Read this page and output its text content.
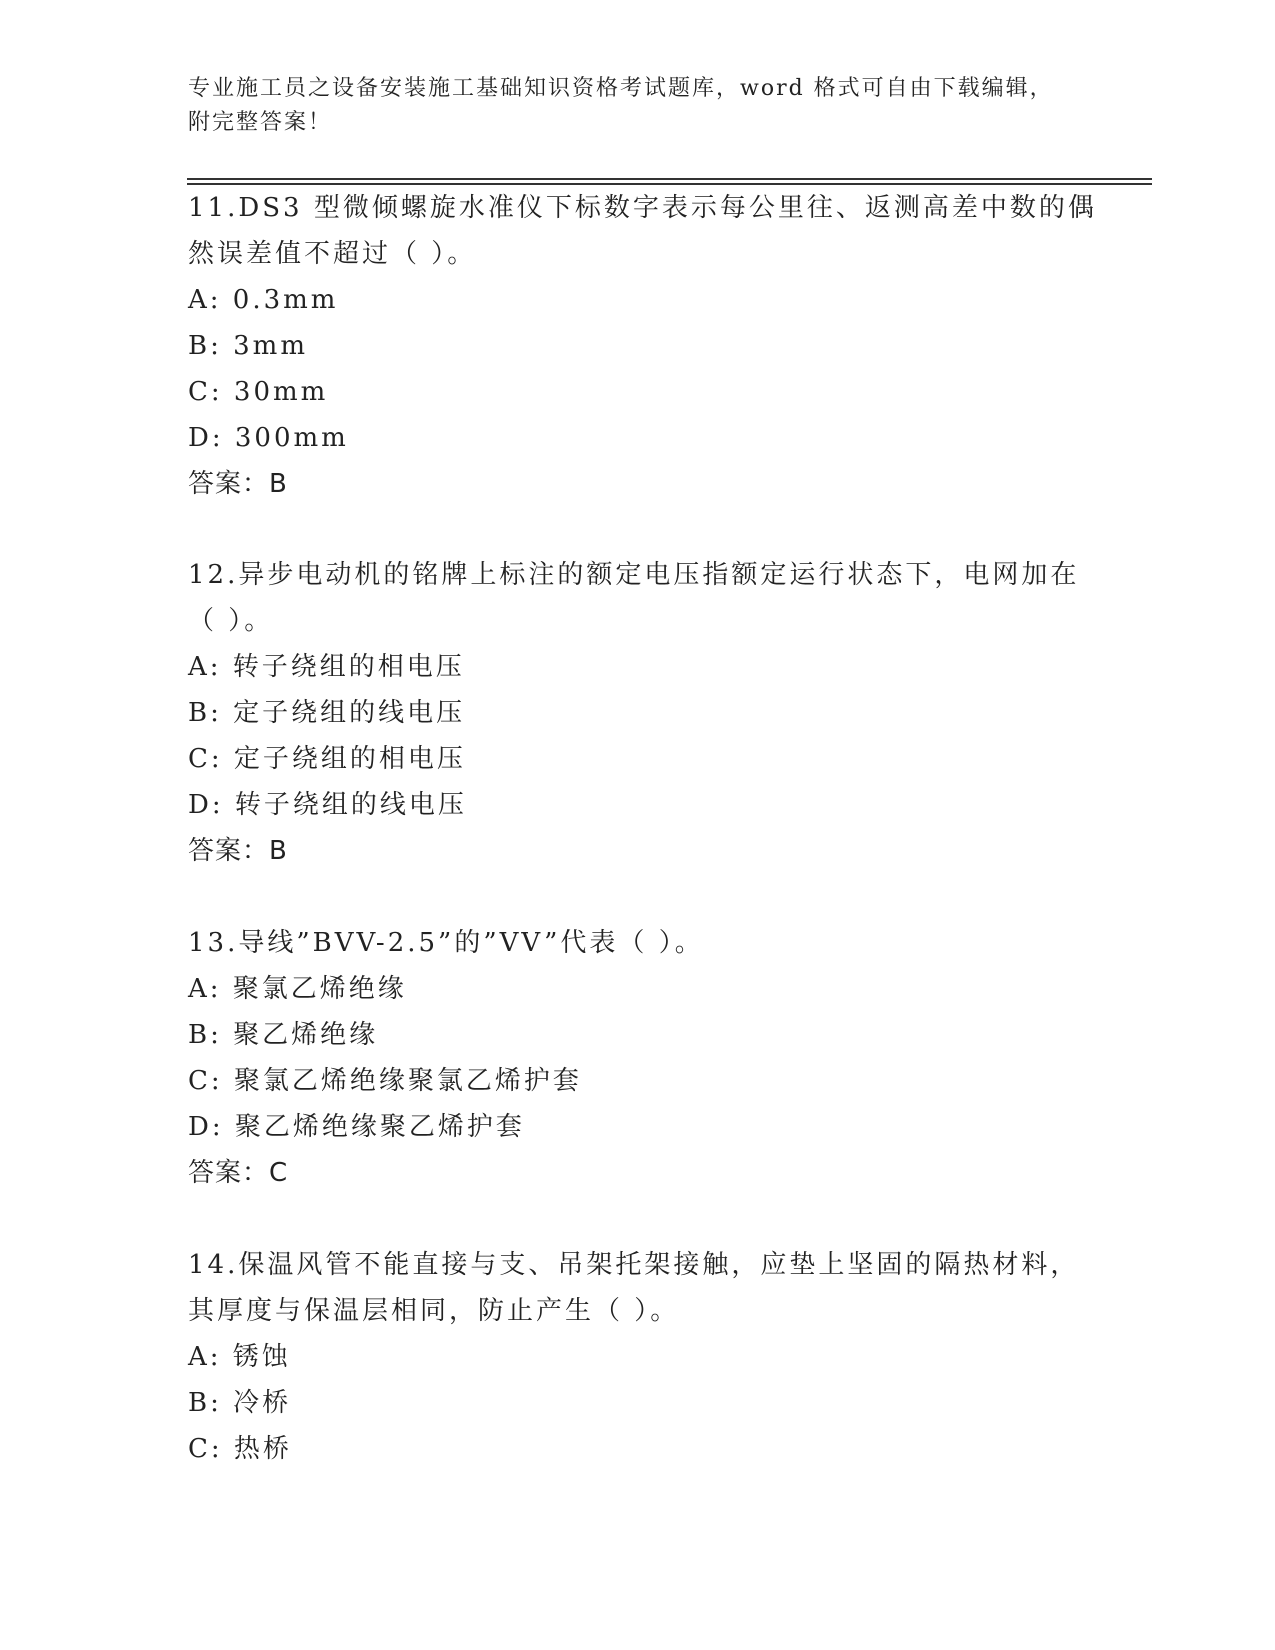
专业施工员之设备安装施工基础知识资格考试题库，word 格式可自由下载编辑，
附完整答案！
11.DS3 型微倾螺旋水准仪下标数字表示每公里往、返测高差中数的偶
然误差值不超过（ ）。
A: 0.3mm
B: 3mm
C: 30mm
D: 300mm
答案：B
12.异步电动机的铭牌上标注的额定电压指额定运行状态下，电网加在
（ ）。
A: 转子绕组的相电压
B: 定子绕组的线电压
C: 定子绕组的相电压
D: 转子绕组的线电压
答案：B
13.导线”BVV-2.5”的”VV”代表（ ）。
A: 聚氯乙烯绝缘
B: 聚乙烯绝缘
C: 聚氯乙烯绝缘聚氯乙烯护套
D: 聚乙烯绝缘聚乙烯护套
答案：C
14.保温风管不能直接与支、吊架托架接触，应垫上坚固的隔热材料，
其厚度与保温层相同，防止产生（ ）。
A: 锈蚀
B: 冷桥
C: 热桥
